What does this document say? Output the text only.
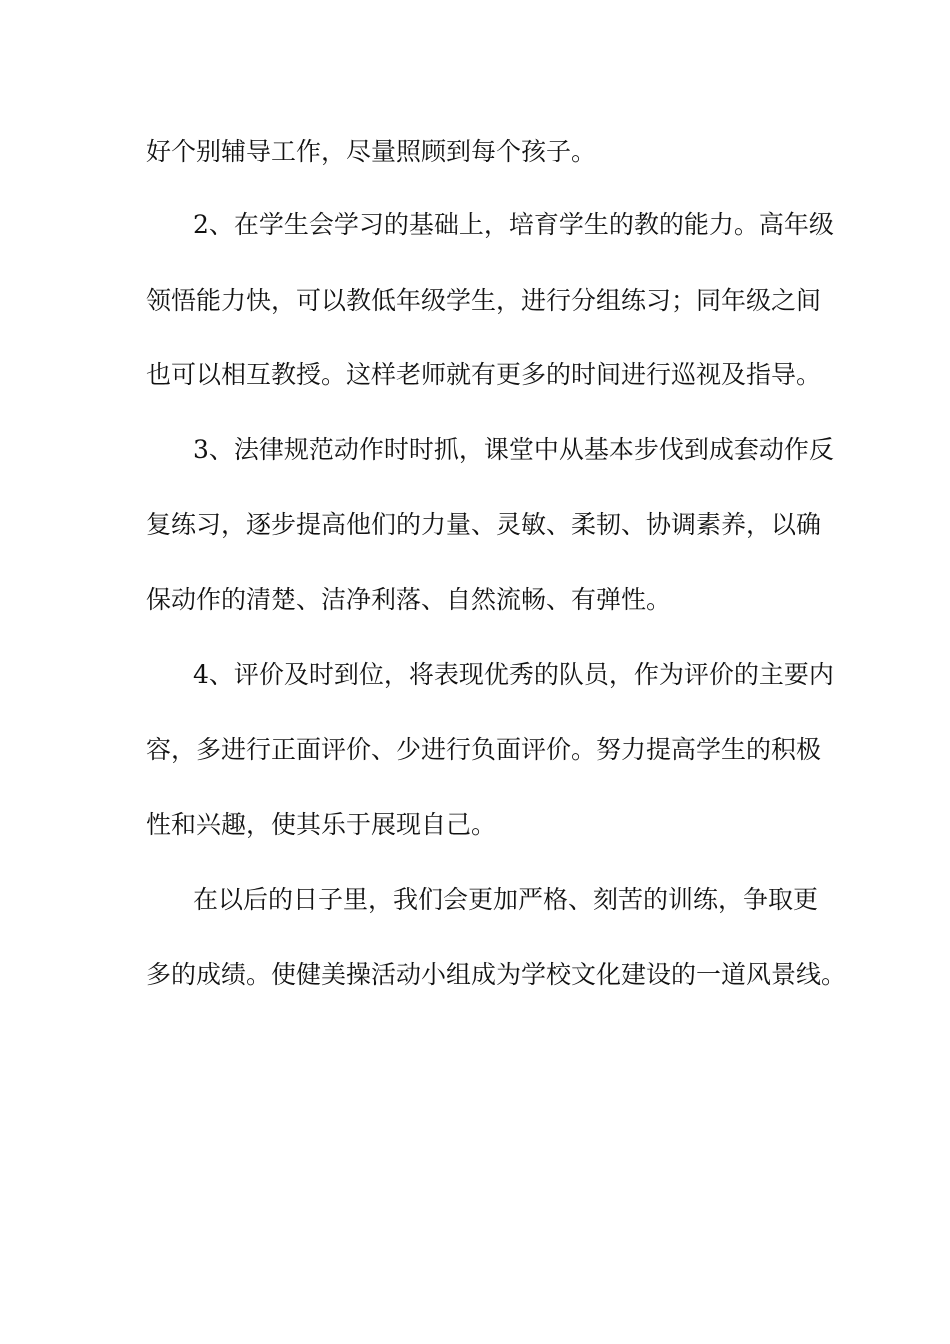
好个别辅导工作，尽量照顾到每个孩子。
2、在学生会学习的基础上，培育学生的教的能力。高年级
领悟能力快，可以教低年级学生，进行分组练习；同年级之间
也可以相互教授。这样老师就有更多的时间进行巡视及指导。
3、法律规范动作时时抓，课堂中从基本步伐到成套动作反
复练习，逐步提高他们的力量、灵敏、柔韧、协调素养，以确
保动作的清楚、洁净利落、自然流畅、有弹性。
4、评价及时到位，将表现优秀的队员，作为评价的主要内
容，多进行正面评价、少进行负面评价。努力提高学生的积极
性和兴趣，使其乐于展现自己。
在以后的日子里，我们会更加严格、刻苦的训练，争取更
多的成绩。使健美操活动小组成为学校文化建设的一道风景线。
